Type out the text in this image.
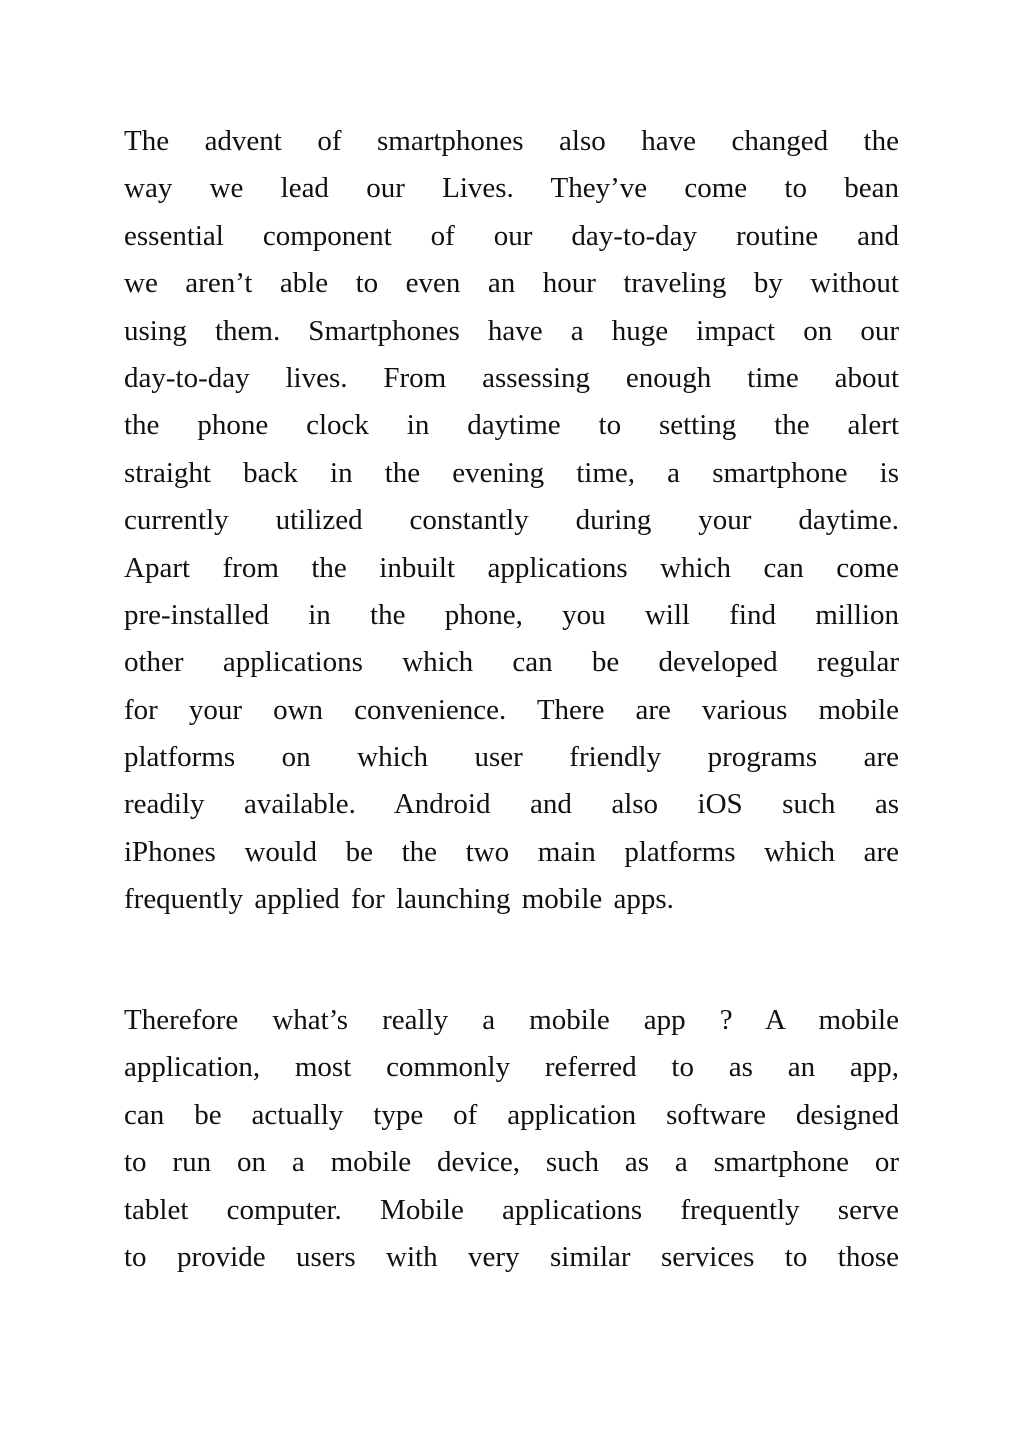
The advent of smartphones also have changed the
way we lead our Lives. They’ve come to bean
essential component of our day-to-day routine and
we aren’t able to even an hour traveling by without
using them. Smartphones have a huge impact on our
day-to-day lives. From assessing enough time about
the phone clock in daytime to setting the alert
straight back in the evening time, a smartphone is
currently utilized constantly during your daytime.
Apart from the inbuilt applications which can come
pre-installed in the phone, you will find million
other applications which can be developed regular
for your own convenience. There are various mobile
platforms on which user friendly programs are
readily available. Android and also iOS such as
iPhones would be the two main platforms which are
frequently applied for launching mobile apps.

Therefore what’s really a mobile app ? A mobile
application, most commonly referred to as an app,
can be actually type of application software designed
to run on a mobile device, such as a smartphone or
tablet computer. Mobile applications frequently serve
to provide users with very similar services to those
